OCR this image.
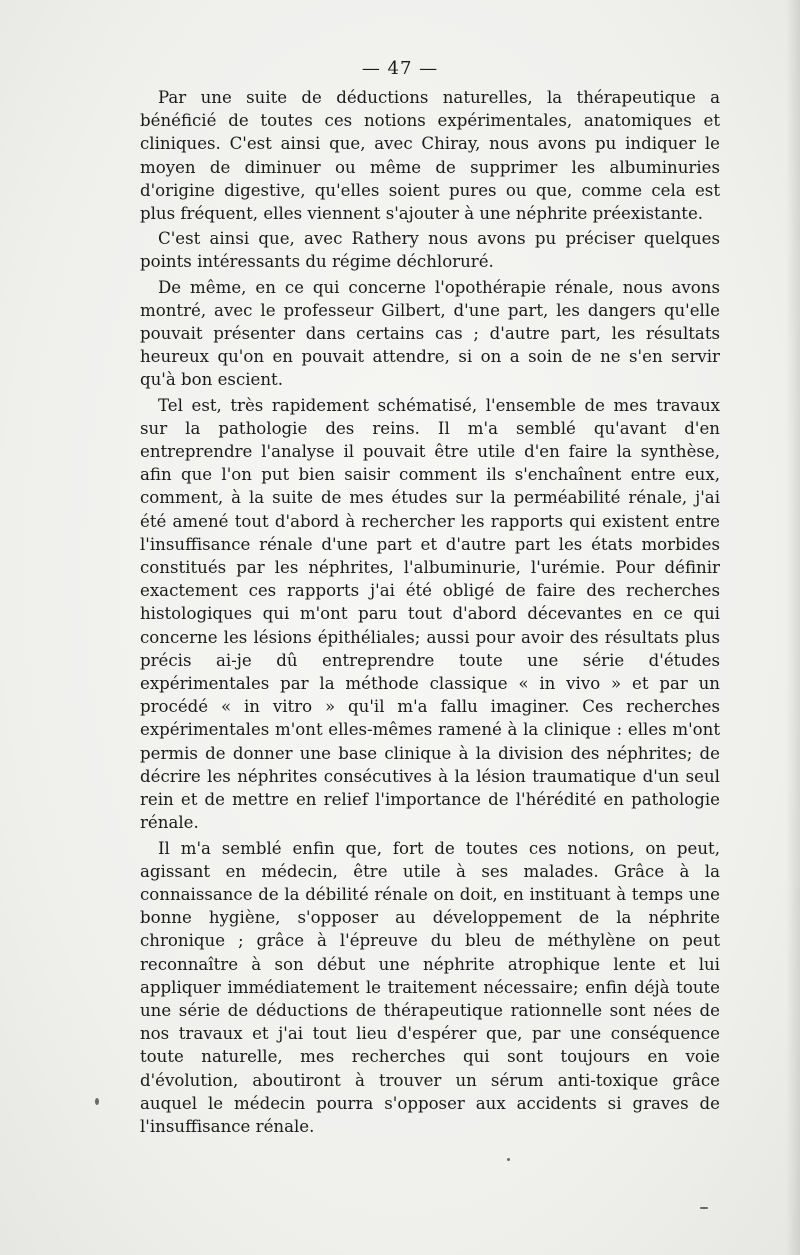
— 47 —

Par une suite de déductions naturelles, la thérapeutique a bénéficié de toutes ces notions expérimentales, anatomiques et cliniques. C'est ainsi que, avec Chiray, nous avons pu indiquer le moyen de diminuer ou même de supprimer les albuminuries d'origine digestive, qu'elles soient pures ou que, comme cela est plus fréquent, elles viennent s'ajouter à une néphrite préexistante.

C'est ainsi que, avec Rathery nous avons pu préciser quelques points intéressants du régime déchloruré.

De même, en ce qui concerne l'opothérapie rénale, nous avons montré, avec le professeur Gilbert, d'une part, les dangers qu'elle pouvait présenter dans certains cas ; d'autre part, les résultats heureux qu'on en pouvait attendre, si on a soin de ne s'en servir qu'à bon escient.

Tel est, très rapidement schématisé, l'ensemble de mes travaux sur la pathologie des reins. Il m'a semblé qu'avant d'en entreprendre l'analyse il pouvait être utile d'en faire la synthèse, afin que l'on put bien saisir comment ils s'enchaînent entre eux, comment, à la suite de mes études sur la perméabilité rénale, j'ai été amené tout d'abord à rechercher les rapports qui existent entre l'insuffisance rénale d'une part et d'autre part les états morbides constitués par les néphrites, l'albuminurie, l'urémie. Pour définir exactement ces rapports j'ai été obligé de faire des recherches histologiques qui m'ont paru tout d'abord décevantes en ce qui concerne les lésions épithéliales; aussi pour avoir des résultats plus précis ai-je dû entreprendre toute une série d'études expérimentales par la méthode classique « in vivo » et par un procédé « in vitro » qu'il m'a fallu imaginer. Ces recherches expérimentales m'ont elles-mêmes ramené à la clinique : elles m'ont permis de donner une base clinique à la division des néphrites; de décrire les néphrites consécutives à la lésion traumatique d'un seul rein et de mettre en relief l'importance de l'hérédité en pathologie rénale.

Il m'a semblé enfin que, fort de toutes ces notions, on peut, agissant en médecin, être utile à ses malades. Grâce à la connaissance de la débilité rénale on doit, en instituant à temps une bonne hygiène, s'opposer au développement de la néphrite chronique ; grâce à l'épreuve du bleu de méthylène on peut reconnaître à son début une néphrite atrophique lente et lui appliquer immédiatement le traitement nécessaire; enfin déjà toute une série de déductions de thérapeutique rationnelle sont nées de nos travaux et j'ai tout lieu d'espérer que, par une conséquence toute naturelle, mes recherches qui sont toujours en voie d'évolution, aboutiront à trouver un sérum anti-toxique grâce auquel le médecin pourra s'opposer aux accidents si graves de l'insuffisance rénale.
